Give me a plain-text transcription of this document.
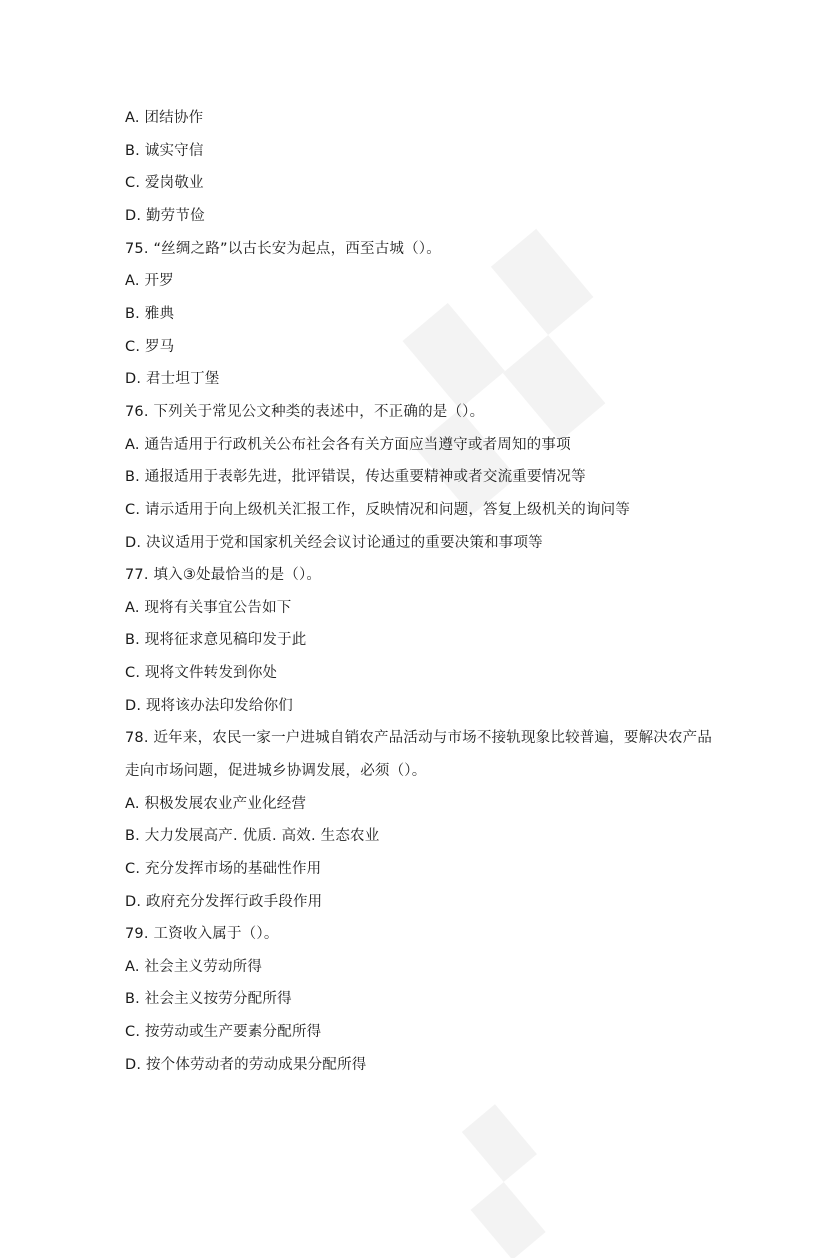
A. 团结协作
B. 诚实守信
C. 爱岗敬业
D. 勤劳节俭
75. “丝绸之路”以古长安为起点，西至古城（）。
A. 开罗
B. 雅典
C. 罗马
D. 君士坦丁堡
76. 下列关于常见公文种类的表述中，不正确的是（）。
A. 通告适用于行政机关公布社会各有关方面应当遵守或者周知的事项
B. 通报适用于表彰先进，批评错误，传达重要精神或者交流重要情况等
C. 请示适用于向上级机关汇报工作，反映情况和问题，答复上级机关的询问等
D. 决议适用于党和国家机关经会议讨论通过的重要决策和事项等
77. 填入③处最恰当的是（）。
A. 现将有关事宜公告如下
B. 现将征求意见稿印发于此
C. 现将文件转发到你处
D. 现将该办法印发给你们
78. 近年来，农民一家一户进城自销农产品活动与市场不接轨现象比较普遍，要解决农产品
走向市场问题，促进城乡协调发展，必须（）。
A. 积极发展农业产业化经营
B. 大力发展高产. 优质. 高效. 生态农业
C. 充分发挥市场的基础性作用
D. 政府充分发挥行政手段作用
79. 工资收入属于（）。
A. 社会主义劳动所得
B. 社会主义按劳分配所得
C. 按劳动或生产要素分配所得
D. 按个体劳动者的劳动成果分配所得
